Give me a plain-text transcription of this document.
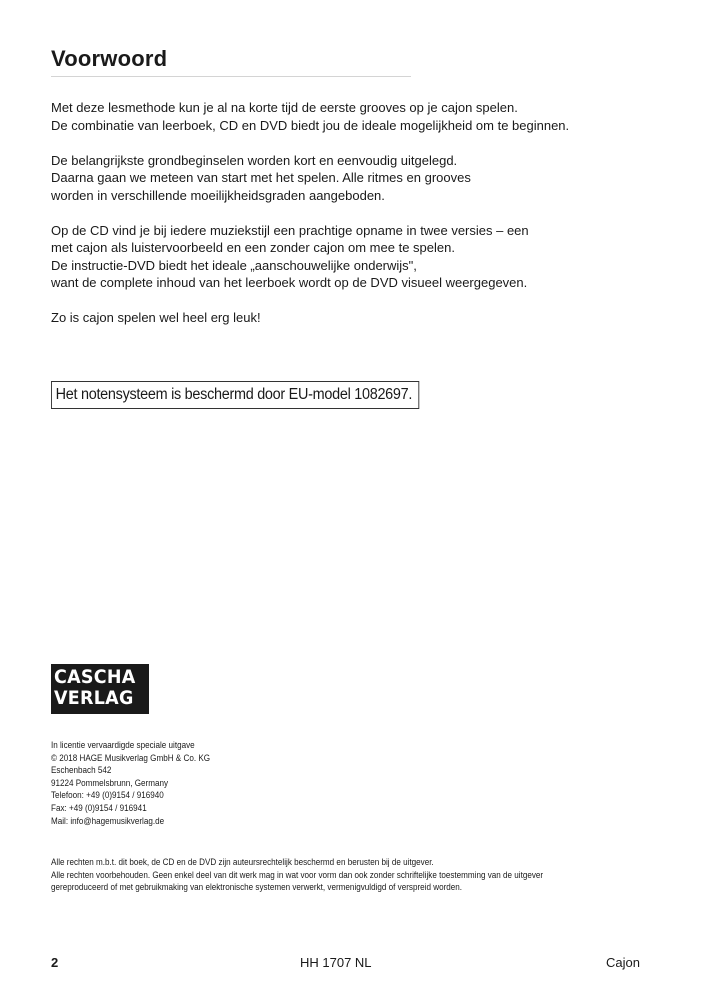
Voorwoord

Met deze lesmethode kun je al na korte tijd de eerste grooves op je cajon spelen.
De combinatie van leerboek, CD en DVD biedt jou de ideale mogelijkheid om te beginnen.

De belangrijkste grondbeginselen worden kort en eenvoudig uitgelegd.
Daarna gaan we meteen van start met het spelen. Alle ritmes en grooves
worden in verschillende moeilijkheidsgraden aangeboden.

Op de CD vind je bij iedere muziekstijl een prachtige opname in twee versies – een
met cajon als luistervoorbeeld en een zonder cajon om mee te spelen.
De instructie-DVD biedt het ideale „aanschouwelijke onderwijs",
want de complete inhoud van het leerboek wordt op de DVD visueel weergegeven.

Zo is cajon spelen wel heel erg leuk!

Het notensysteem is beschermd door EU-model 1082697.
CASCHA
VERLAG
In licentie vervaardigde speciale uitgave
© 2018 HAGE Musikverlag GmbH & Co. KG
Eschenbach 542
91224 Pommelsbrunn, Germany
Telefoon: +49 (0)9154 / 916940
Fax: +49 (0)9154 / 916941
Mail: info@hagemusikverlag.de
Alle rechten m.b.t. dit boek, de CD en de DVD zijn auteursrechtelijk beschermd en berusten bij de uitgever.
Alle rechten voorbehouden. Geen enkel deel van dit werk mag in wat voor vorm dan ook zonder schriftelijke toestemming van de uitgever
gereproduceerd of met gebruikmaking van elektronische systemen verwerkt, vermenigvuldigd of verspreid worden.
2	HH 1707 NL	Cajon
